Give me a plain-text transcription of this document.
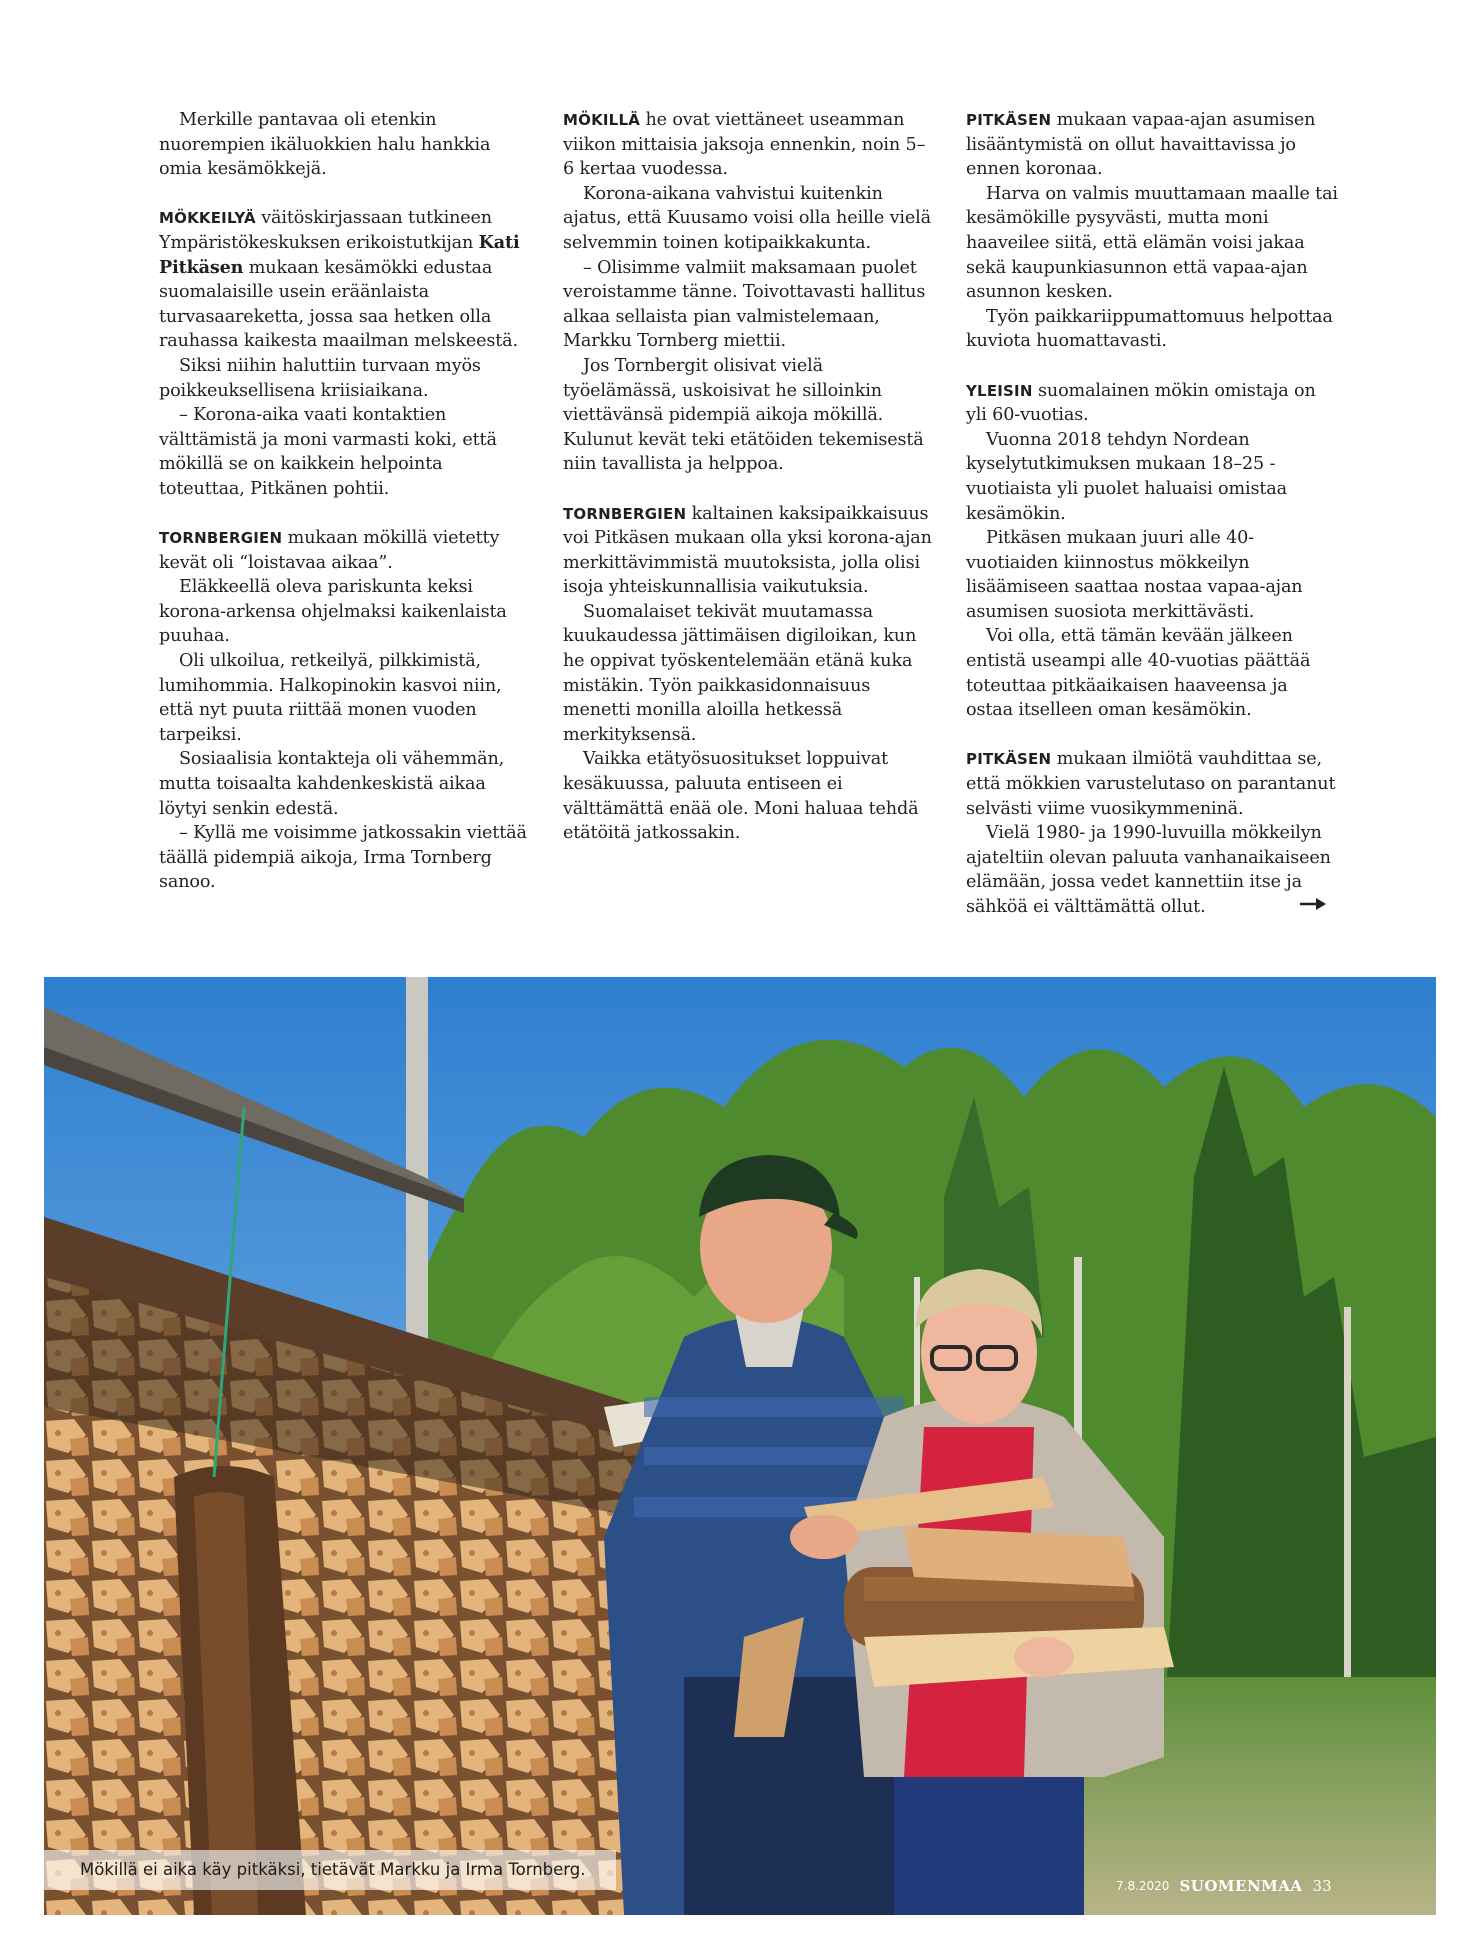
Merkille pantavaa oli etenkin nuorempien ikäluokkien halu hankkia omia kesämökkejä.

MÖKKEILYÄ väitöskirjassaan tutkineen Ympäristökeskuksen erikoistutkijan Kati Pitkäsen mukaan kesämökki edustaa suomalaisille usein eräänlaista turvasaareketta, jossa saa hetken olla rauhassa kaikesta maailman melskeestä.

Siksi niihin haluttiin turvaan myös poikkeuksellisena kriisiaikana.

– Korona-aika vaati kontaktien välttämistä ja moni varmasti koki, että mökillä se on kaikkein helpointa toteuttaa, Pitkänen pohtii.

TORNBERGIEN mukaan mökillä vietetty kevät oli “loistavaa aikaa”.

Eläkkeellä oleva pariskunta keksi korona-arkensa ohjelmaksi kaikenlaista puuhaa.

Oli ulkoilua, retkeilyä, pilkkimistä, lumihommia. Halkopinokin kasvoi niin, että nyt puuta riittää monen vuoden tarpeiksi.

Sosiaalisia kontakteja oli vähemmän, mutta toisaalta kahdenkeskistä aikaa löytyi senkin edestä.

– Kyllä me voisimme jatkossakin viettää täällä pidempiä aikoja, Irma Tornberg sanoo.

MÖKILLÄ he ovat viettäneet useamman viikon mittaisia jaksoja ennenkin, noin 5–6 kertaa vuodessa.

Korona-aikana vahvistui kuitenkin ajatus, että Kuusamo voisi olla heille vielä selvemmin toinen kotipaikkakunta.

– Olisimme valmiit maksamaan puolet veroistamme tänne. Toivottavasti hallitus alkaa sellaista pian valmistelemaan, Markku Tornberg miettii.

Jos Tornbergit olisivat vielä työelämässä, uskoisivat he silloinkin viettävänsä pidempiä aikoja mökillä. Kulunut kevät teki etätöiden tekemisestä niin tavallista ja helppoa.

TORNBERGIEN kaltainen kaksipaikkaisuus voi Pitkäsen mukaan olla yksi korona-ajan merkittävimmistä muutoksista, jolla olisi isoja yhteiskunnallisia vaikutuksia.

Suomalaiset tekivät muutamassa kuukaudessa jättimäisen digiloikan, kun he oppivat työskentelemään etänä kuka mistäkin. Työn paikkasidonnaisuus menetti monilla aloilla hetkessä merkityksensä.

Vaikka etätyösuositukset loppuivat kesäkuussa, paluuta entiseen ei välttämättä enää ole. Moni haluaa tehdä etätöitä jatkossakin.

PITKÄSEN mukaan vapaa-ajan asumisen lisääntymistä on ollut havaittavissa jo ennen koronaa.

Harva on valmis muuttamaan maalle tai kesämökille pysyvästi, mutta moni haaveilee siitä, että elämän voisi jakaa sekä kaupunkiasunnon että vapaa-ajan asunnon kesken.

Työn paikkariippumattomuus helpottaa kuviota huomattavasti.

YLEISIN suomalainen mökin omistaja on yli 60-vuotias.

Vuonna 2018 tehdyn Nordean kyselytutkimuksen mukaan 18–25 -vuotiaista yli puolet haluaisi omistaa kesämökin.

Pitkäsen mukaan juuri alle 40-vuotiaiden kiinnostus mökkeilyn lisäämiseen saattaa nostaa vapaa-ajan asumisen suosiota merkittävästi.

Voi olla, että tämän kevään jälkeen entistä useampi alle 40-vuotias päättää toteuttaa pitkäaikaisen haaveensa ja ostaa itselleen oman kesämökin.

PITKÄSEN mukaan ilmiötä vauhdittaa se, että mökkien varustelutaso on parantanut selvästi viime vuosikymmeninä.

Vielä 1980- ja 1990-luvuilla mökkeilyn ajateltiin olevan paluuta vanhanaikaiseen elämään, jossa vedet kannettiin itse ja sähköä ei välttämättä ollut.

Mökillä ei aika käy pitkäksi, tietävät Markku ja Irma Tornberg.
7.8.2020 SUOMENMAA 33
